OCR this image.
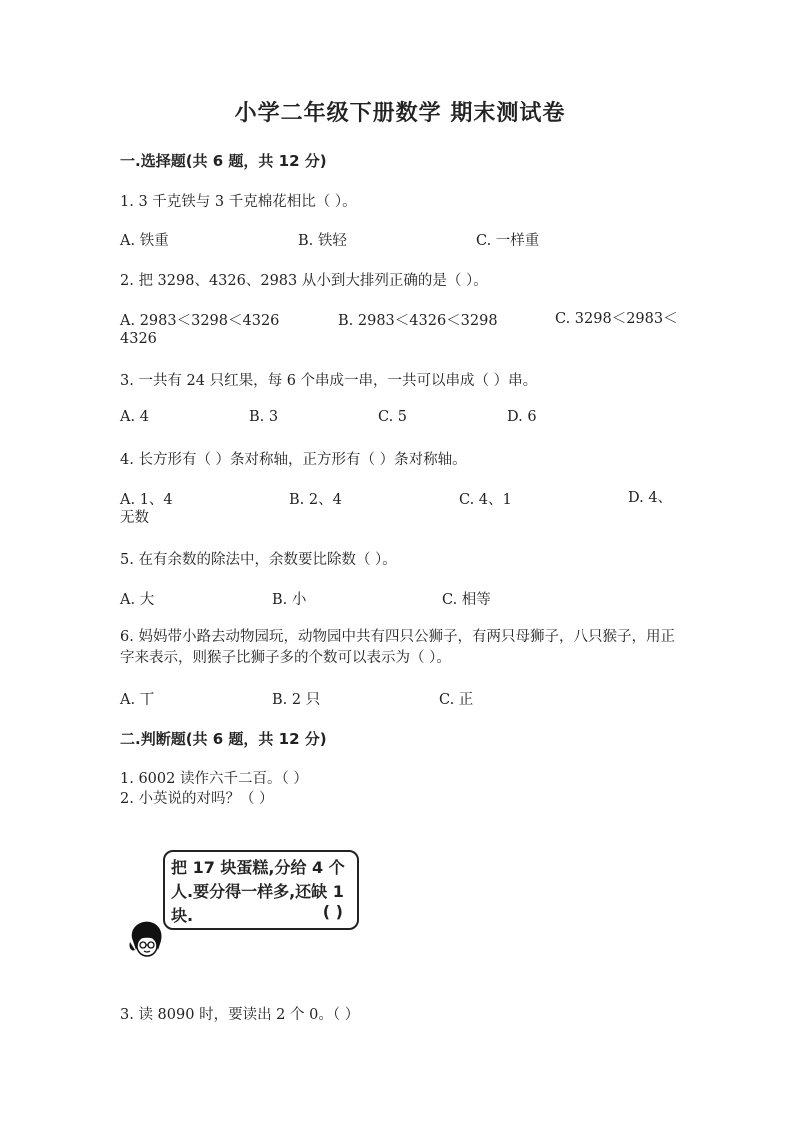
小学二年级下册数学 期末测试卷
一.选择题(共 6 题，共 12 分)
1. 3 千克铁与 3 千克棉花相比（ ）。
A. 铁重	B. 铁轻	C. 一样重
2. 把 3298、4326、2983 从小到大排列正确的是（ ）。
A. 2983＜3298＜4326	B. 2983＜4326＜3298	C. 3298＜2983＜4326
3. 一共有 24 只红果，每 6 个串成一串，一共可以串成（ ）串。
A. 4	B. 3	C. 5	D. 6
4. 长方形有（ ）条对称轴，正方形有（ ）条对称轴。
A. 1、4	B. 2、4	C. 4、1	D. 4、无数
5. 在有余数的除法中，余数要比除数（ ）。
A. 大	B. 小	C. 相等
6. 妈妈带小路去动物园玩，动物园中共有四只公狮子，有两只母狮子，八只猴子，用正字来表示，则猴子比狮子多的个数可以表示为（ ）。
A. 丅	B. 2 只	C. 正
二.判断题(共 6 题，共 12 分)
1. 6002 读作六千二百。（ ）
2. 小英说的对吗？（ ）
把 17 块蛋糕,分给 4 个人.要分得一样多,还缺 1 块.	( )
3. 读 8090 时，要读出 2 个 0。（ ）
